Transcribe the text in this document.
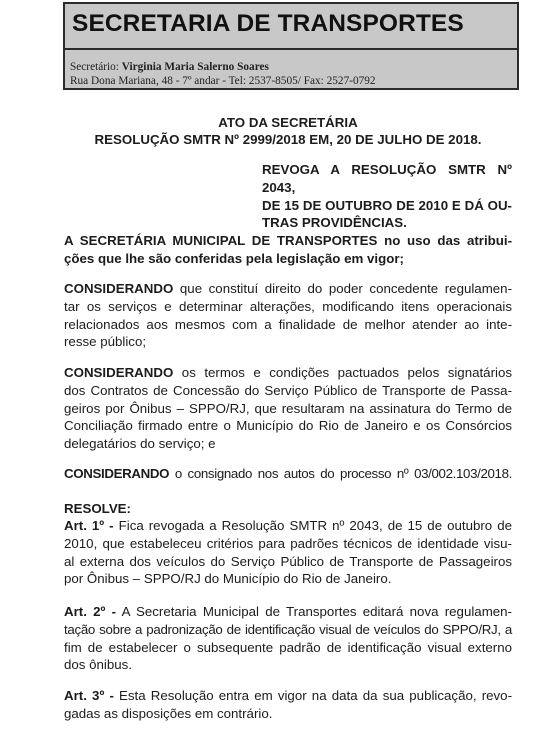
SECRETARIA DE TRANSPORTES
Secretário: Virginia Maria Salerno Soares
Rua Dona Mariana, 48 - 7º andar - Tel: 2537-8505/ Fax: 2527-0792
ATO DA SECRETÁRIA
RESOLUÇÃO SMTR Nº 2999/2018 EM, 20 DE JULHO DE 2018.
REVOGA A RESOLUÇÃO SMTR Nº 2043,
DE 15 DE OUTUBRO DE 2010 E DÁ OU-
TRAS PROVIDÊNCIAS.
A SECRETÁRIA MUNICIPAL DE TRANSPORTES no uso das atribui-
ções que lhe são conferidas pela legislação em vigor;
CONSIDERANDO que constituí direito do poder concedente regulamen-
tar os serviços e determinar alterações, modificando itens operacionais
relacionados aos mesmos com a finalidade de melhor atender ao inte-
resse público;
CONSIDERANDO os termos e condições pactuados pelos signatários
dos Contratos de Concessão do Serviço Público de Transporte de Passa-
geiros por Ônibus – SPPO/RJ, que resultaram na assinatura do Termo de
Conciliação firmado entre o Município do Rio de Janeiro e os Consórcios
delegatários do serviço; e
CONSIDERANDO o consignado nos autos do processo nº 03/002.103/2018.
RESOLVE:
Art. 1º - Fica revogada a Resolução SMTR nº 2043, de 15 de outubro de
2010, que estabeleceu critérios para padrões técnicos de identidade visu-
al externa dos veículos do Serviço Público de Transporte de Passageiros
por Ônibus – SPPO/RJ do Município do Rio de Janeiro.
Art. 2º - A Secretaria Municipal de Transportes editará nova regulamen-
tação sobre a padronização de identificação visual de veículos do SPPO/RJ, a
fim de estabelecer o subsequente padrão de identificação visual externo
dos ônibus.
Art. 3º - Esta Resolução entra em vigor na data da sua publicação, revo-
gadas as disposições em contrário.
